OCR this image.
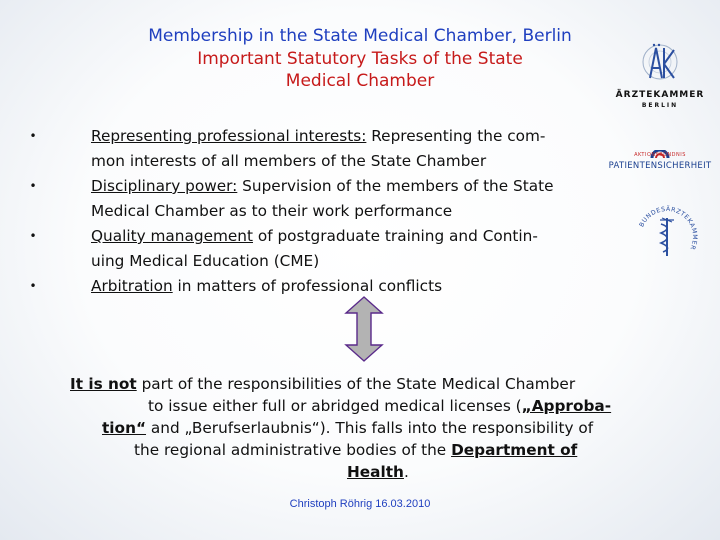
Membership in the State Medical Chamber, Berlin
Important Statutory Tasks of the State
Medical Chamber
ÄRZTEKAMMER
BERLIN
AKTIONSBÜNDNIS
PATIENTENSICHERHEIT
BUNDESÄRZTEKAMMER
•	Representing professional interests: Representing the com-
mon interests of all members of the State Chamber
•	Disciplinary power: Supervision of the members of the State
Medical Chamber as to their work performance
•	Quality management of postgraduate training and Contin-
uing Medical Education (CME)
•	Arbitration in matters of professional conflicts
It is not part of the responsibilities of the State Medical Chamber
to issue either full or abridged medical licenses („Approba-
tion“ and „Berufserlaubnis“). This falls into the responsibility of
the regional administrative bodies of the Department of
Health.
Christoph Röhrig 16.03.2010
